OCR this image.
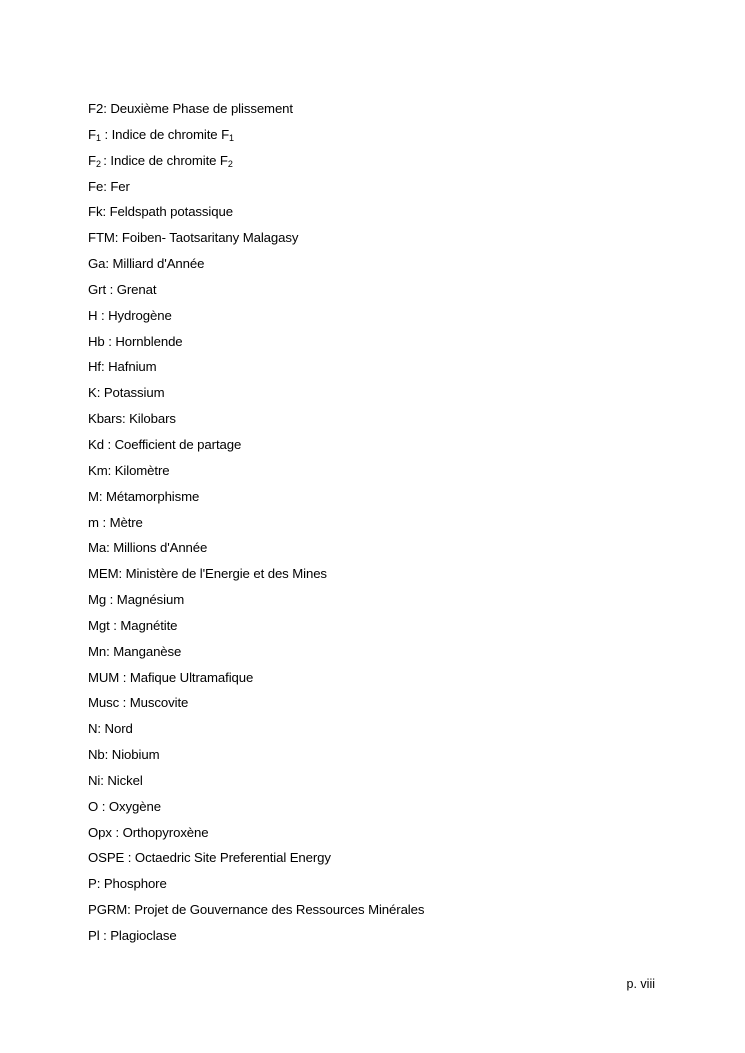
F2: Deuxième Phase de plissement
$F_1$ : Indice de chromite $F_1$
$F_2$ : Indice de chromite $F_2$
Fe: Fer
Fk: Feldspath potassique
FTM: Foiben- Taotsaritany Malagasy
Ga: Milliard d'Année
Grt : Grenat
H : Hydrogène
Hb : Hornblende
Hf: Hafnium
K: Potassium
Kbars: Kilobars
Kd : Coefficient de partage
Km: Kilomètre
M: Métamorphisme
m : Mètre
Ma: Millions d'Année
MEM: Ministère de l'Energie et des Mines
Mg : Magnésium
Mgt : Magnétite
Mn: Manganèse
MUM : Mafique Ultramafique
Musc : Muscovite
N: Nord
Nb: Niobium
Ni: Nickel
O : Oxygène
Opx : Orthopyroxène
OSPE : Octaedric Site Preferential Energy
P: Phosphore
PGRM: Projet de Gouvernance des Ressources Minérales
Pl : Plagioclase
p. viii
